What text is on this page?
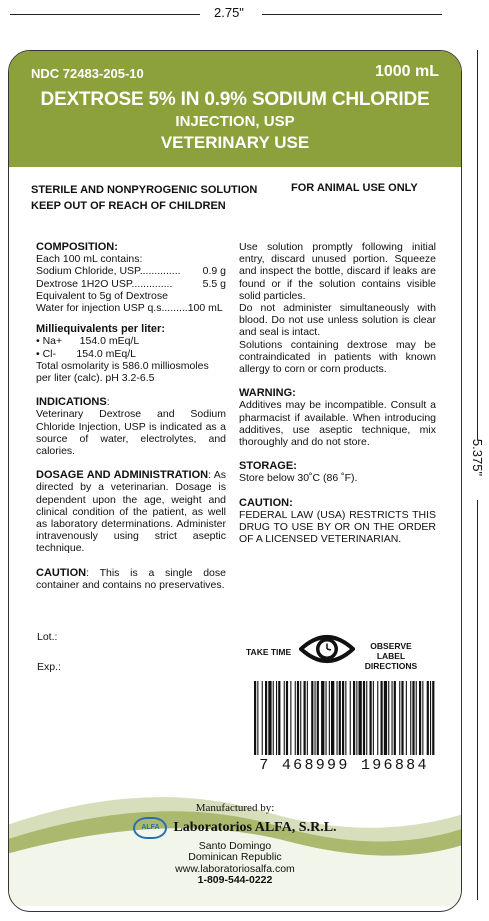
2.75"
5.375"
NDC 72483-205-10	1000 mL
DEXTROSE 5% IN 0.9% SODIUM CHLORIDE
INJECTION, USP
VETERINARY USE
STERILE AND NONPYROGENIC SOLUTION
KEEP OUT OF REACH OF CHILDREN
FOR ANIMAL USE ONLY
COMPOSITION:
Each 100 mL contains:
Sodium Chloride, USP.............. 0.9 g
Dextrose 1H2O USP..............	5.5 g
Equivalent to 5g of Dextrose
Water for injection USP q.s.........100 mL
Milliequivalents per liter:
• Na+      154.0 mEq/L
• Cl-       154.0 mEq/L
Total osmolarity is 586.0 milliosmoles
per liter (calc). pH 3.2-6.5
INDICATIONS:
Veterinary Dextrose and Sodium Chloride Injection, USP is indicated as a source of water, electrolytes, and calories.
DOSAGE AND ADMINISTRATION: As directed by a veterinarian. Dosage is dependent upon the age, weight and clinical condition of the patient, as well as laboratory determinations. Administer intravenously using strict aseptic technique.
CAUTION: This is a single dose container and contains no preservatives.
Use solution promptly following initial entry, discard unused portion. Squeeze and inspect the bottle, discard if leaks are found or if the solution contains visible solid particles.
Do not administer simultaneously with blood. Do not use unless solution is clear and seal is intact.
Solutions containing dextrose may be contraindicated in patients with known allergy to corn or corn products.
WARNING:
Additives may be incompatible. Consult a pharmacist if available. When introducing additives, use aseptic technique, mix thoroughly and do not store.
STORAGE:
Store below 30˚C (86 ˚F).
CAUTION:
FEDERAL LAW (USA) RESTRICTS THIS DRUG TO USE BY OR ON THE ORDER OF A LICENSED VETERINARIAN.
Lot.:
Exp.:
TAKE TIME
OBSERVE LABEL DIRECTIONS
7 468999 196884
Manufactured by:
ALFA Laboratorios ALFA, S.R.L.
Santo Domingo
Dominican Republic
www.laboratoriosalfa.com
1-809-544-0222
